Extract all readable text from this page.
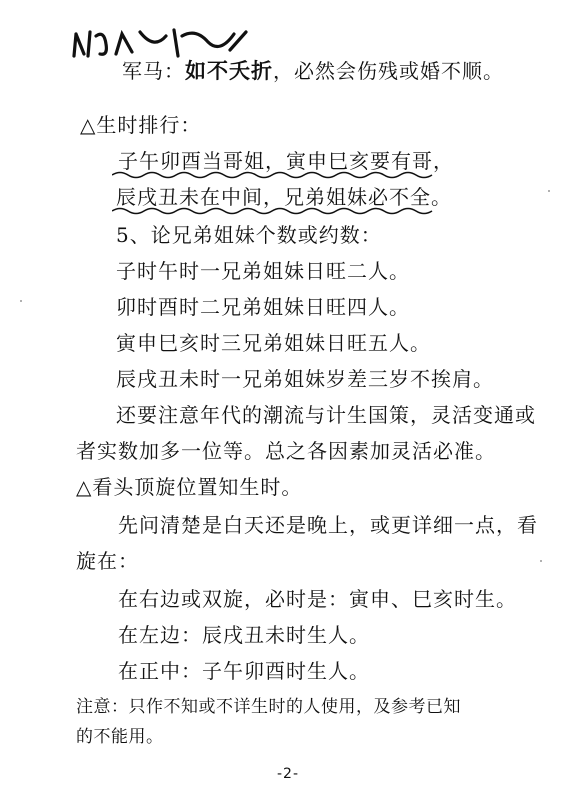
军马：如不夭折，必然会伤残或婚不顺。
△生时排行：
子午卯酉当哥姐，寅申巳亥要有哥，
辰戌丑未在中间，兄弟姐妹必不全。
5、论兄弟姐妹个数或约数：
子时午时一兄弟姐妹日旺二人。
卯时酉时二兄弟姐妹日旺四人。
寅申巳亥时三兄弟姐妹日旺五人。
辰戌丑未时一兄弟姐妹岁差三岁不挨肩。
还要注意年代的潮流与计生国策，灵活变通或
者实数加多一位等。总之各因素加灵活必准。
△看头顶旋位置知生时。
先问清楚是白天还是晚上，或更详细一点，看
旋在：
在右边或双旋，必时是：寅申、巳亥时生。
在左边：辰戌丑未时生人。
在正中：子午卯酉时生人。
注意：只作不知或不详生时的人使用，及参考已知
的不能用。
-2-
